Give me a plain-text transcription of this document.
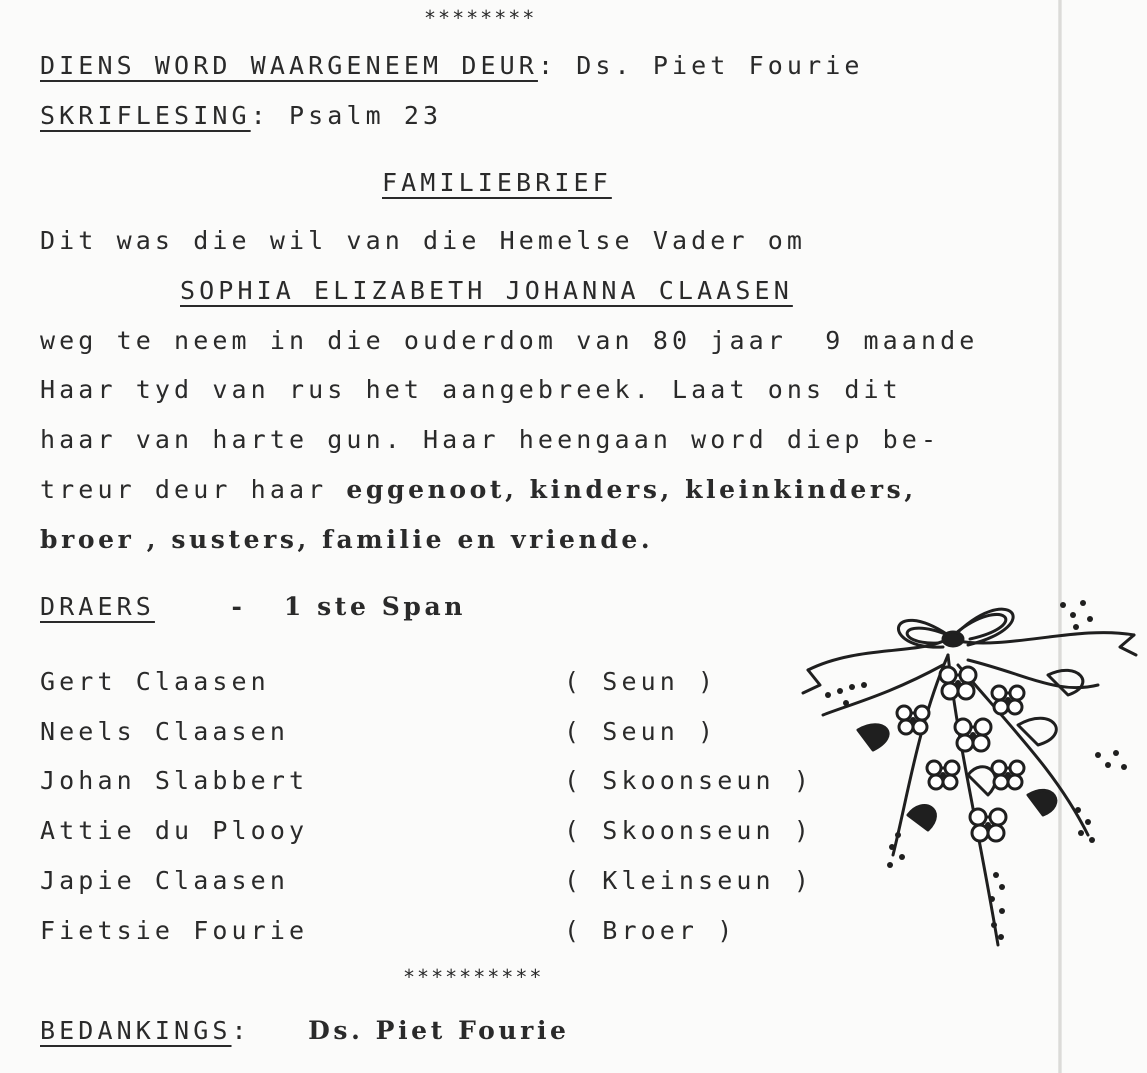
********
DIENS WORD WAARGENEEM DEUR: Ds. Piet Fourie
SKRIFLESING: Psalm 23
FAMILIEBRIEF
Dit was die wil van die Hemelse Vader om
SOPHIA ELIZABETH JOHANNA CLAASEN
weg te neem in die ouderdom van 80 jaar  9 maande
Haar tyd van rus het aangebreek. Laat ons dit
haar van harte gun. Haar heengaan word diep be-
treur deur haar eggenoot, kinders, kleinkinders,
broer , susters, familie en vriende.
DRAERS	- 1 ste Span
Gert Claasen	( Seun )
Neels Claasen	( Seun )
Johan Slabbert	( Skoonseun )
Attie du Plooy	( Skoonseun )
Japie Claasen	( Kleinseun )
Fietsie Fourie	( Broer )
**********
BEDANKINGS:   Ds. Piet Fourie
